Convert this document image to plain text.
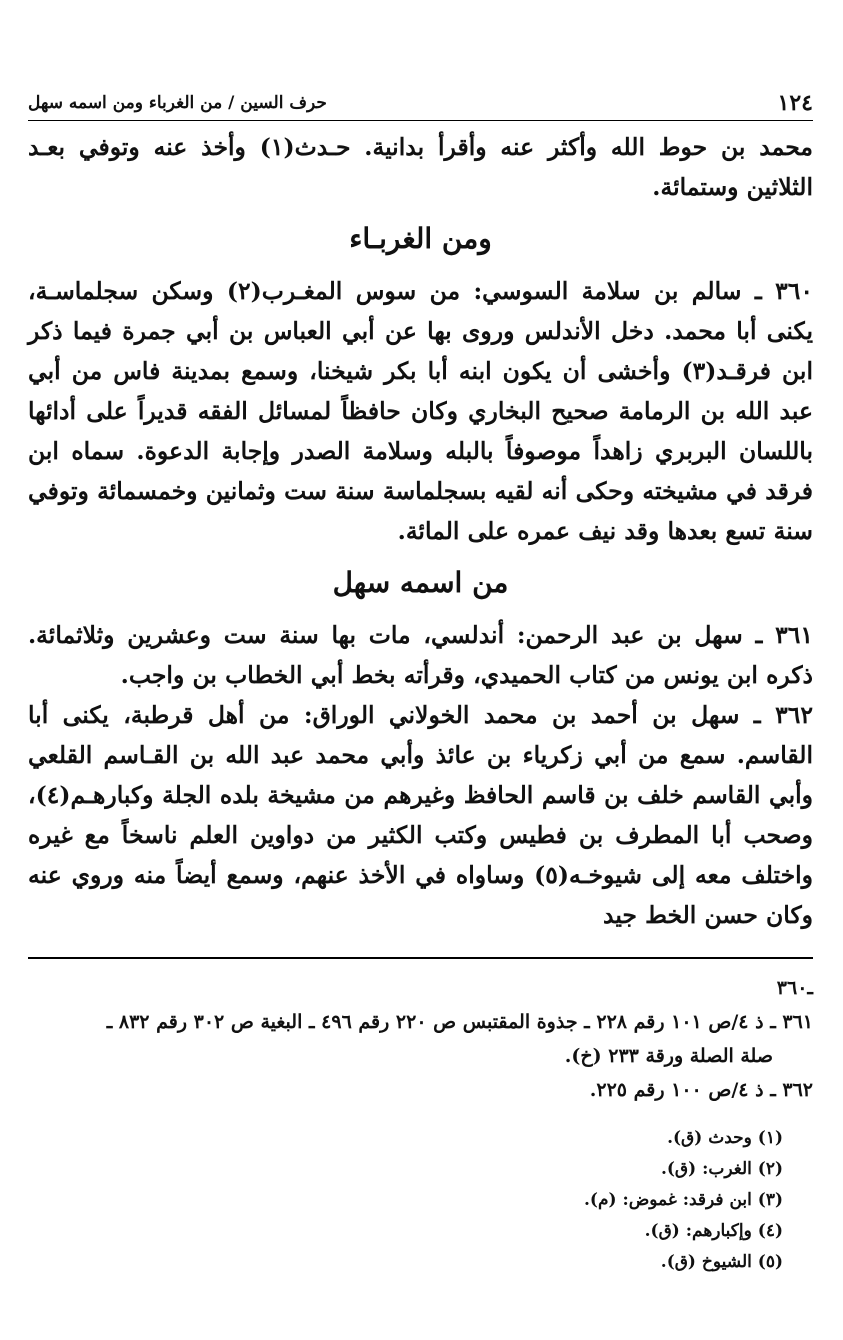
١٢٤
حرف السين / من الغرباء ومن اسمه سهل

محمد بن حوط الله وأكثر عنه وأقرأ بدانية. حـدث(١) وأخذ عنه وتوفي بعـد الثلاثين وستمائة.

ومن الغربـاء

٣٦٠ ـ سالم بن سلامة السوسي: من سوس المغـرب(٢) وسكن سجلماسـة، يكنى أبا محمد. دخل الأندلس وروى بها عن أبي العباس بن أبي جمرة فيما ذكر ابن فرقـد(٣) وأخشى أن يكون ابنه أبا بكر شيخنا، وسمع بمدينة فاس من أبي عبد الله بن الرمامة صحيح البخاري وكان حافظاً لمسائل الفقه قديراً على أدائها باللسان البربري زاهداً موصوفاً بالبله وسلامة الصدر وإجابة الدعوة. سماه ابن فرقد في مشيخته وحكى أنه لقيه بسجلماسة سنة ست وثمانين وخمسمائة وتوفي سنة تسع بعدها وقد نيف عمره على المائة.

من اسمه سهل

٣٦١ ـ سهل بن عبد الرحمن: أندلسي، مات بها سنة ست وعشرين وثلاثمائة. ذكره ابن يونس من كتاب الحميدي، وقرأته بخط أبي الخطاب بن واجب.

٣٦٢ ـ سهل بن أحمد بن محمد الخولاني الوراق: من أهل قرطبة، يكنى أبا القاسم. سمع من أبي زكرياء بن عائذ وأبي محمد عبد الله بن القـاسم القلعي وأبي القاسم خلف بن قاسم الحافظ وغيرهم من مشيخة بلده الجلة وكبارهـم(٤)، وصحب أبا المطرف بن فطيس وكتب الكثير من دواوين العلم ناسخاً مع غيره واختلف معه إلى شيوخـه(٥) وساواه في الأخذ عنهم، وسمع أيضاً منه وروي عنه وكان حسن الخط جيد

ـ٣٦٠

٣٦١ ـ ذ ٤/ص ١٠١ رقم ٢٢٨ ـ جذوة المقتبس ص ٢٢٠ رقم ٤٩٦ ـ البغية ص ٣٠٢ رقم ٨٣٢ ـ

صلة الصلة ورقة ٢٣٣ (خ).

٣٦٢ ـ ذ ٤/ص ١٠٠ رقم ٢٢٥.

(١) وحدث (ق).
(٢) الغرب: (ق).
(٣) ابن فرقد: غموض: (م).
(٤) وإكبارهم: (ق).
(٥) الشيوخ (ق).
